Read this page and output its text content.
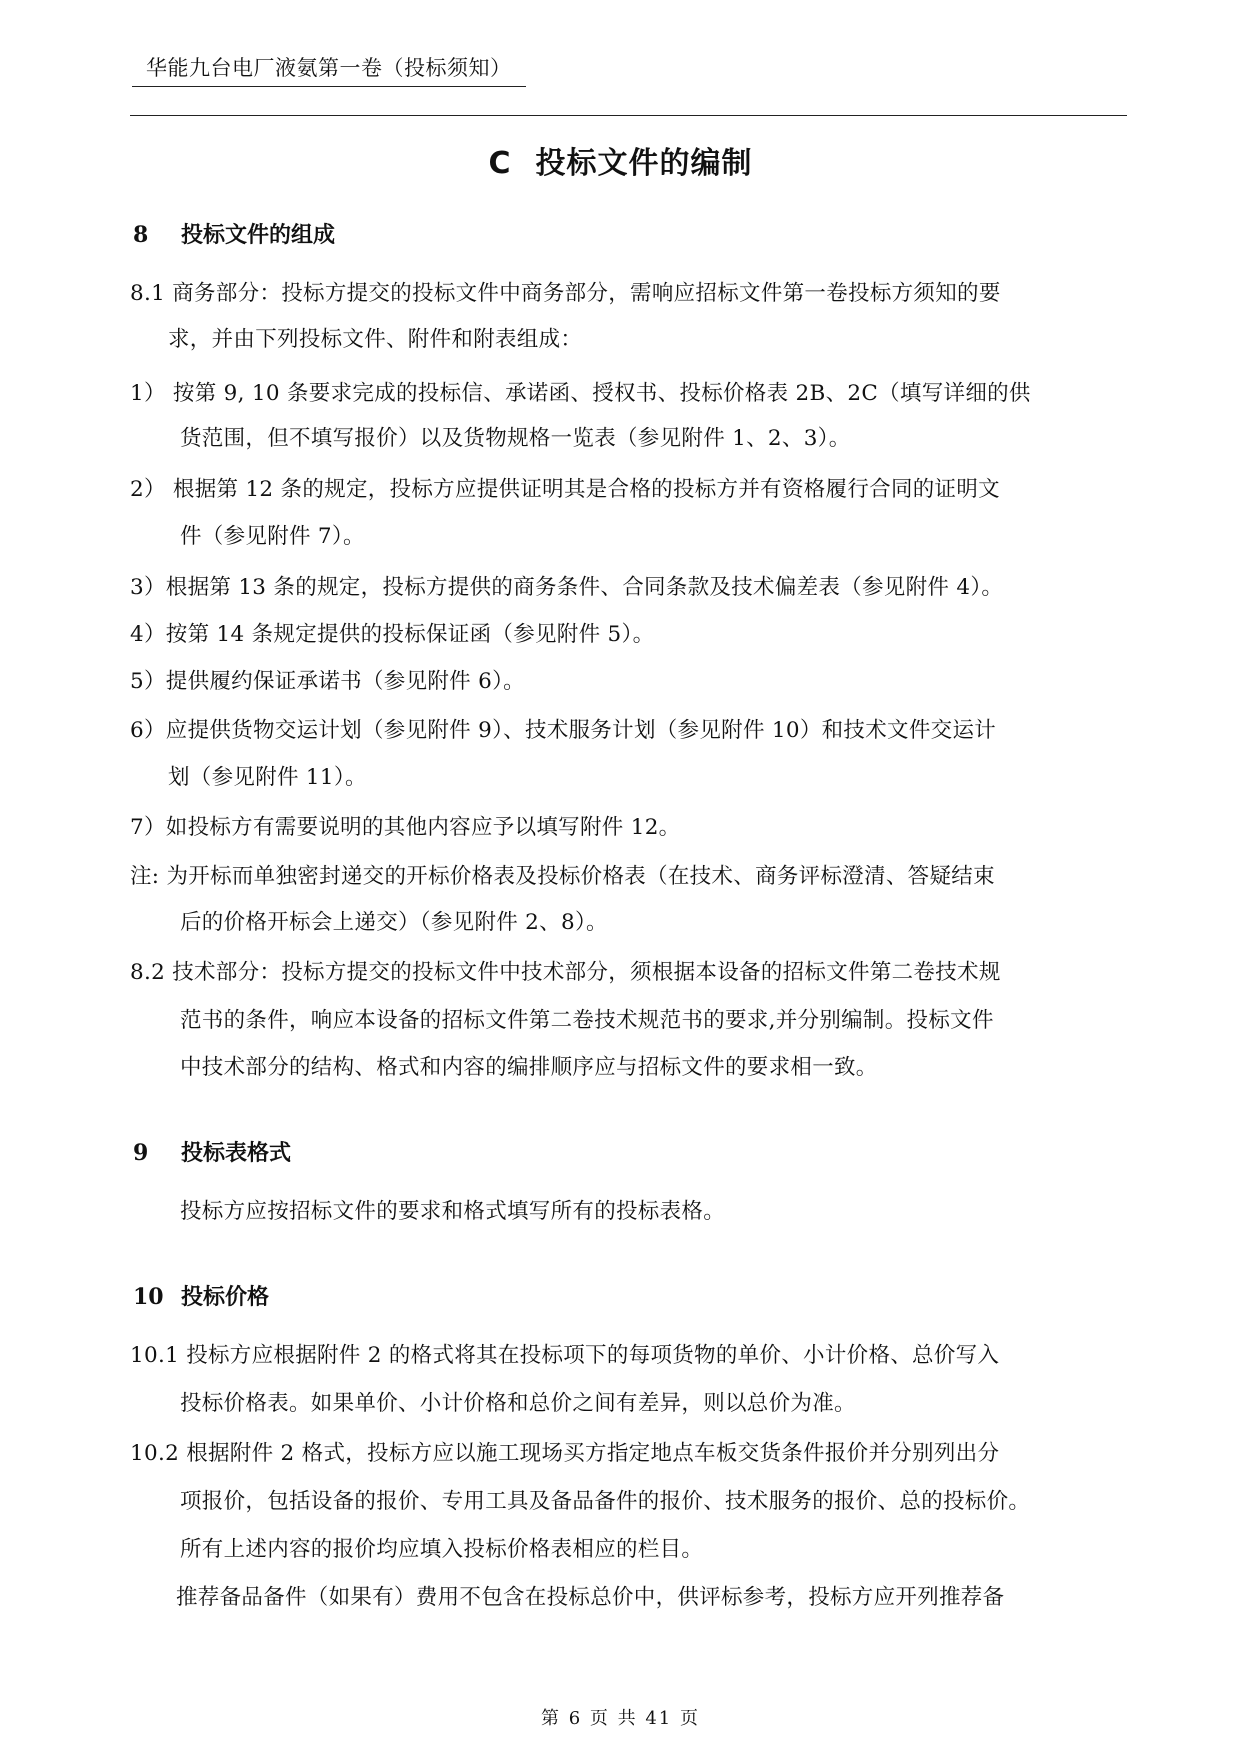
华能九台电厂液氨第一卷（投标须知）
C 投标文件的编制
8 投标文件的组成
8.1 商务部分：投标方提交的投标文件中商务部分，需响应招标文件第一卷投标方须知的要
求，并由下列投标文件、附件和附表组成：
1） 按第 9, 10 条要求完成的投标信、承诺函、授权书、投标价格表 2B、2C（填写详细的供
货范围，但不填写报价）以及货物规格一览表（参见附件 1、2、3）。
2） 根据第 12 条的规定，投标方应提供证明其是合格的投标方并有资格履行合同的证明文
件（参见附件 7）。
3）根据第 13 条的规定，投标方提供的商务条件、合同条款及技术偏差表（参见附件 4）。
4）按第 14 条规定提供的投标保证函（参见附件 5）。
5）提供履约保证承诺书（参见附件 6）。
6）应提供货物交运计划（参见附件 9）、技术服务计划（参见附件 10）和技术文件交运计
划（参见附件 11）。
7）如投标方有需要说明的其他内容应予以填写附件 12。
注: 为开标而单独密封递交的开标价格表及投标价格表（在技术、商务评标澄清、答疑结束
后的价格开标会上递交）（参见附件 2、8）。
8.2 技术部分：投标方提交的投标文件中技术部分，须根据本设备的招标文件第二卷技术规
范书的条件，响应本设备的招标文件第二卷技术规范书的要求,并分别编制。投标文件
中技术部分的结构、格式和内容的编排顺序应与招标文件的要求相一致。
9 投标表格式
投标方应按招标文件的要求和格式填写所有的投标表格。
10 投标价格
10.1 投标方应根据附件 2 的格式将其在投标项下的每项货物的单价、小计价格、总价写入
投标价格表。如果单价、小计价格和总价之间有差异，则以总价为准。
10.2 根据附件 2 格式，投标方应以施工现场买方指定地点车板交货条件报价并分别列出分
项报价，包括设备的报价、专用工具及备品备件的报价、技术服务的报价、总的投标价。
所有上述内容的报价均应填入投标价格表相应的栏目。
推荐备品备件（如果有）费用不包含在投标总价中，供评标参考，投标方应开列推荐备
第 6 页 共 41 页
